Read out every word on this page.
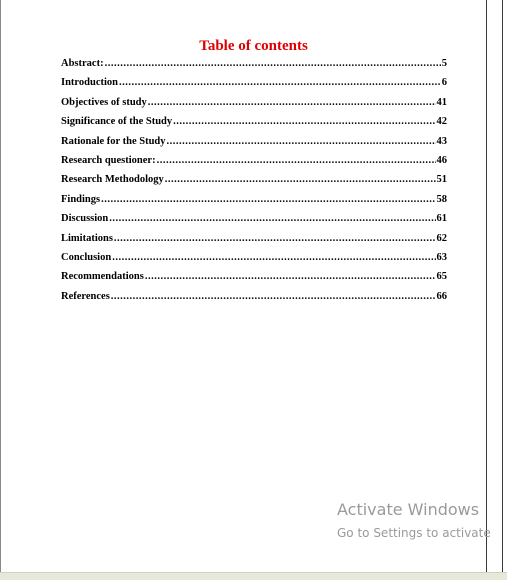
Table of contents
Abstract: .....	5
Introduction .....	6
Objectives of study .....	41
Significance of the Study .....	42
Rationale for the Study .....	43
Research questioner: .....	46
Research Methodology .....	51
Findings .....	58
Discussion .....	61
Limitations .....	62
Conclusion .....	63
Recommendations .....	65
References .....	66
Activate Windows
Go to Settings to activate
